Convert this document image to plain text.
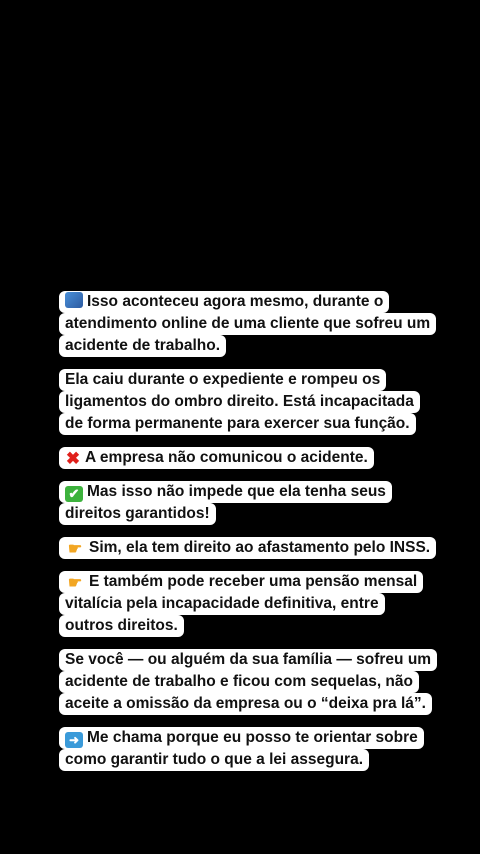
Isso aconteceu agora mesmo, durante o
atendimento online de uma cliente que sofreu um
acidente de trabalho.
Ela caiu durante o expediente e rompeu os
ligamentos do ombro direito. Está incapacitada
de forma permanente para exercer sua função.
✖ A empresa não comunicou o acidente.
✔ Mas isso não impede que ela tenha seus
direitos garantidos!
☛ Sim, ela tem direito ao afastamento pelo INSS.
☛ E também pode receber uma pensão mensal
vitalícia pela incapacidade definitiva, entre
outros direitos.
Se você — ou alguém da sua família — sofreu um
acidente de trabalho e ficou com sequelas, não
aceite a omissão da empresa ou o “deixa pra lá”.
➜ Me chama porque eu posso te orientar sobre
como garantir tudo o que a lei assegura.
